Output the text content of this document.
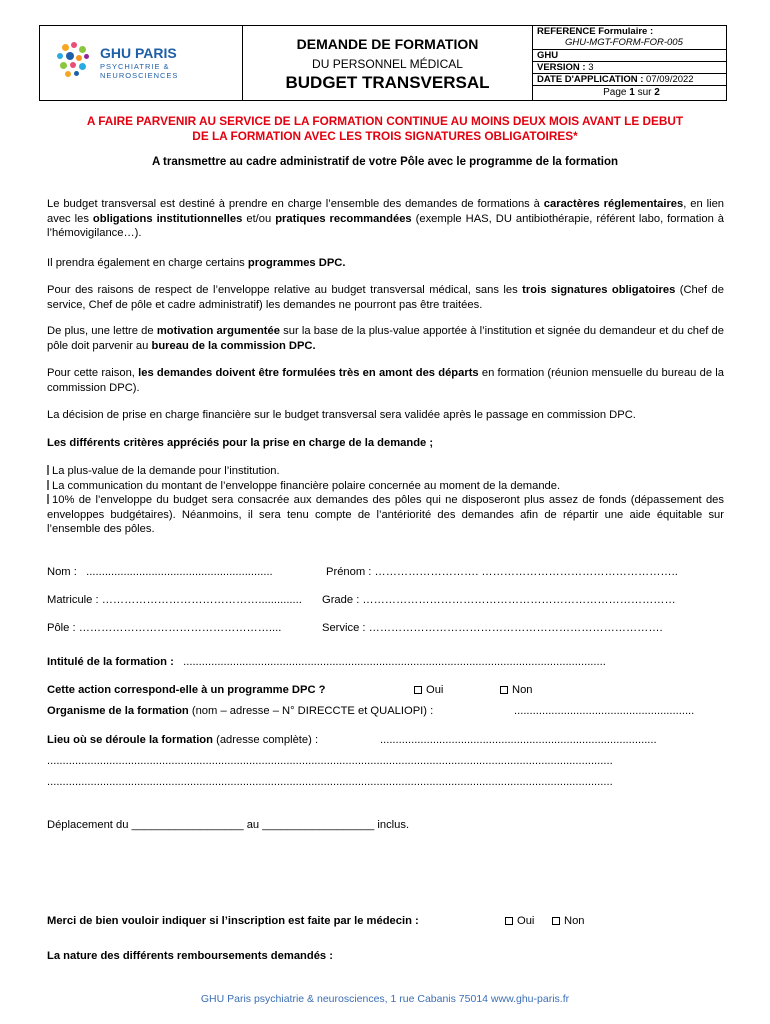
GHU PARIS
PSYCHIATRIE &
NEUROSCIENCES
DEMANDE DE FORMATION
DU PERSONNEL MÉDICAL
BUDGET TRANSVERSAL
REFERENCE Formulaire :
GHU-MGT-FORM-FOR-005
GHU
VERSION : 3
DATE D'APPLICATION : 07/09/2022
Page 1 sur 2
A FAIRE PARVENIR AU SERVICE DE LA FORMATION CONTINUE AU MOINS DEUX MOIS AVANT LE DEBUT
DE LA FORMATION AVEC LES TROIS SIGNATURES OBLIGATOIRES*
A transmettre au cadre administratif de votre Pôle avec le programme de la formation
Le budget transversal est destiné à prendre en charge l’ensemble des demandes de formations à caractères réglementaires, en lien avec les obligations institutionnelles et/ou pratiques recommandées (exemple HAS, DU antibiothérapie, référent labo, formation à l’hémovigilance…).
Il prendra également en charge certains programmes DPC.
Pour des raisons de respect de l’enveloppe relative au budget transversal médical, sans les trois signatures obligatoires (Chef de service, Chef de pôle et cadre administratif) les demandes ne pourront pas être traitées.
De plus, une lettre de motivation argumentée sur la base de la plus-value apportée à l’institution et signée du demandeur et du chef de pôle doit parvenir au bureau de la commission DPC.
Pour cette raison, les demandes doivent être formulées très en amont des départs en formation (réunion mensuelle du bureau de la commission DPC).
La décision de prise en charge financière sur le budget transversal sera validée après le passage en commission DPC.
Les différents critères appréciés pour la prise en charge de la demande ;
La plus-value de la demande pour l’institution.
La communication du montant de l’enveloppe financière polaire concernée au moment de la demande.
10% de l’enveloppe du budget sera consacrée aux demandes des pôles qui ne disposeront plus assez de fonds (dépassement des enveloppes budgétaires). Néanmoins, il sera tenu compte de l’antériorité des demandes afin de répartir une aide équitable sur l’ensemble des pôles.
Nom : ............................................................	Prénom : ………………………. ……………………………………………..
Matricule : …………………………………….............. Grade : …………………………………………………………………………
Pôle : ……………………………………………....	Service : …………………………………………………………………….
Intitulé de la formation : ........................................................................................................................................
Cette action correspond-elle à un programme DPC ?	Oui	Non
Organisme de la formation (nom – adresse – N° DIRECCTE et QUALIOPI) :	..........................................................
Lieu où se déroule la formation (adresse complète) :	.........................................................................................
......................................................................................................................................................................................
......................................................................................................................................................................................
Déplacement du __________________ au __________________ inclus.
Merci de bien vouloir indiquer si l’inscription est faite par le médecin :	Oui	Non
La nature des différents remboursements demandés :
GHU Paris psychiatrie & neurosciences, 1 rue Cabanis 75014 www.ghu-paris.fr
